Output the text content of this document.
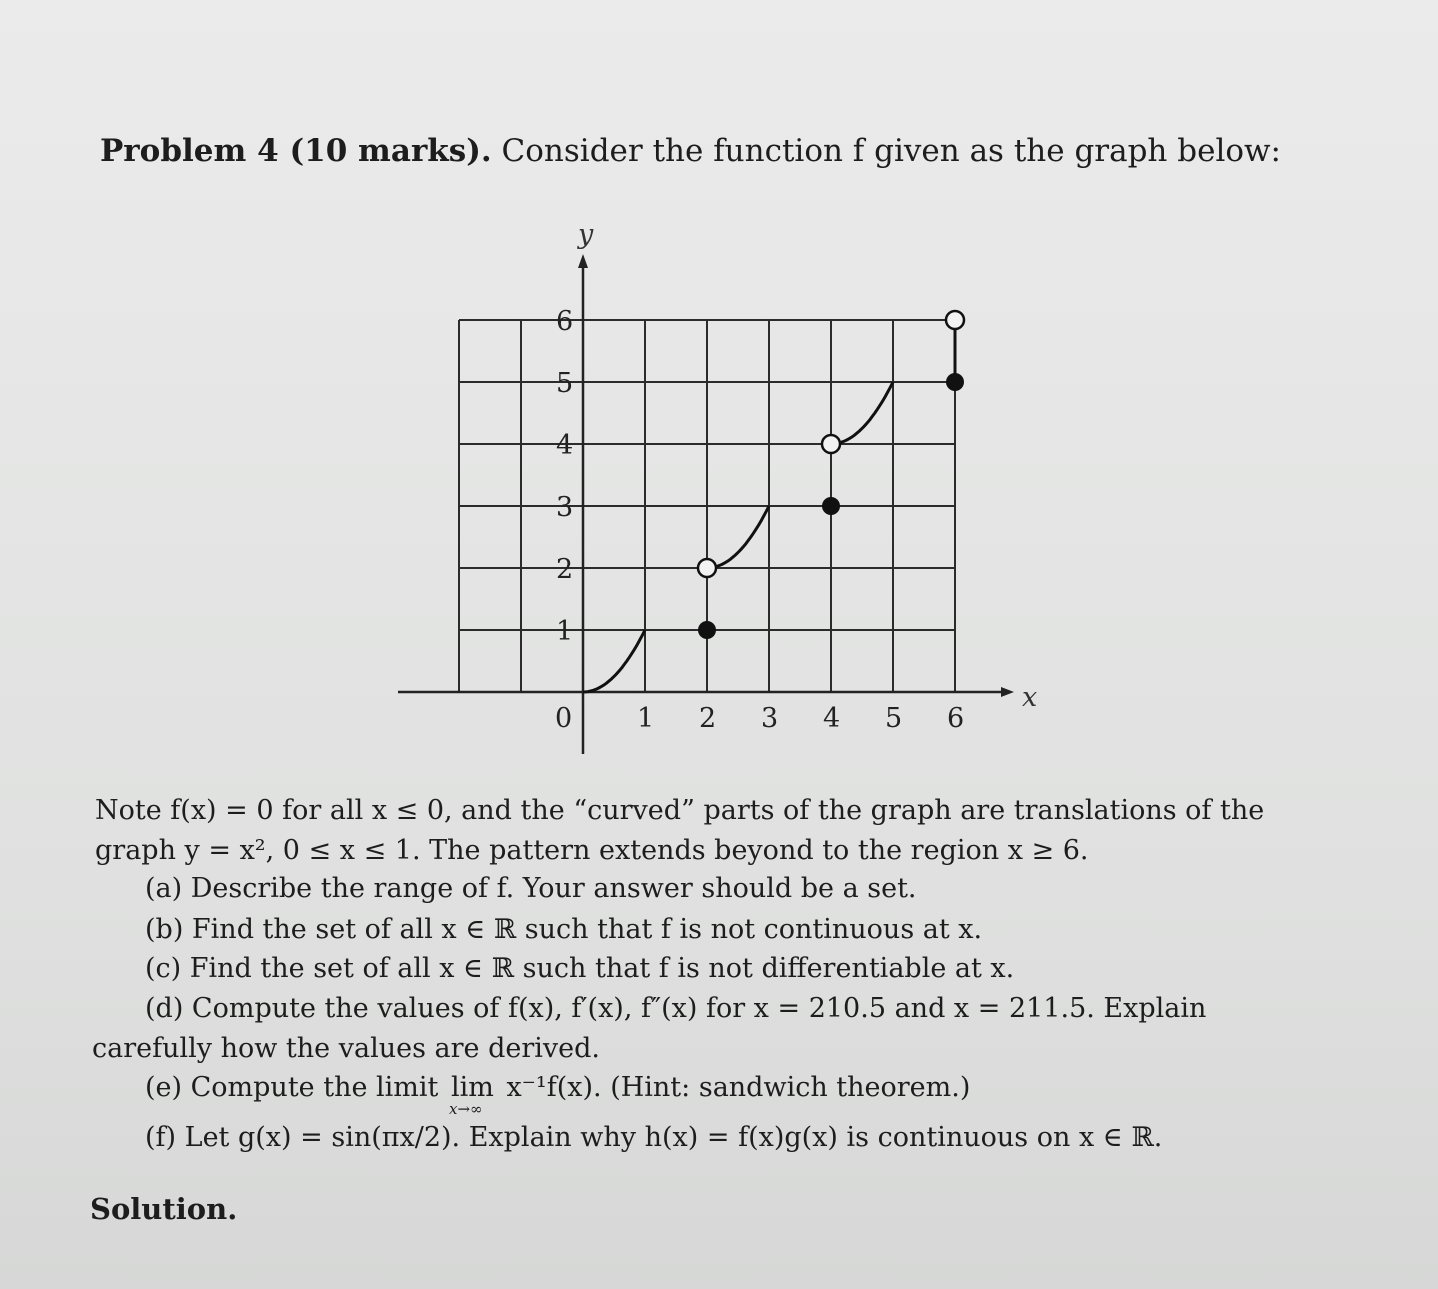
Problem 4 (10 marks). Consider the function f given as the graph below:
x
y
0 1 2 3 4 5 6
1
2
3
4
5
6
Note f(x) = 0 for all x ≤ 0, and the “curved” parts of the graph are translations of the
graph y = x², 0 ≤ x ≤ 1. The pattern extends beyond to the region x ≥ 6.
(a) Describe the range of f. Your answer should be a set.
(b) Find the set of all x ∈ ℝ such that f is not continuous at x.
(c) Find the set of all x ∈ ℝ such that f is not differentiable at x.
(d) Compute the values of f(x), f′(x), f″(x) for x = 210.5 and x = 211.5. Explain
carefully how the values are derived.
(e) Compute the limit lim
x→∞
x⁻¹f(x). (Hint: sandwich theorem.)
(f) Let g(x) = sin(πx/2). Explain why h(x) = f(x)g(x) is continuous on x ∈ ℝ.
Solution.
